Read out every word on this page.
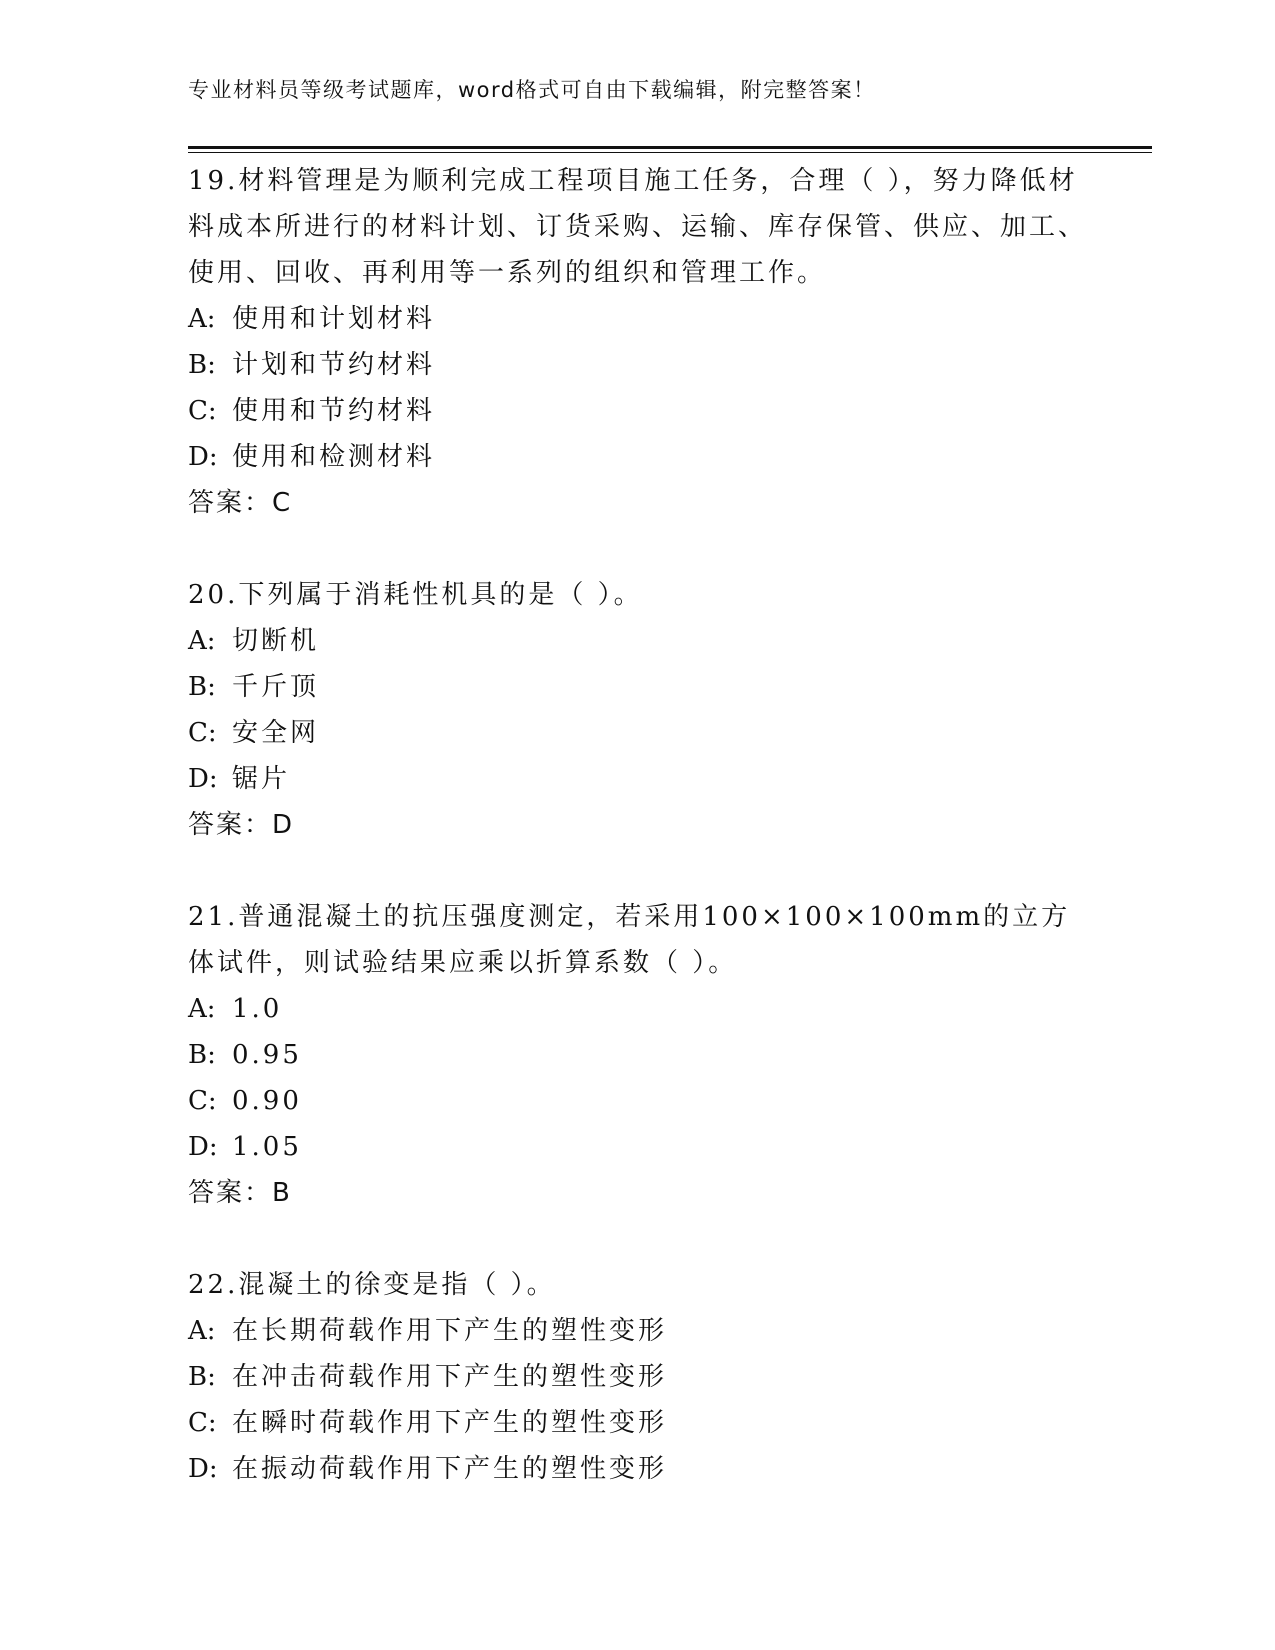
专业材料员等级考试题库，word格式可自由下载编辑，附完整答案！

19.材料管理是为顺利完成工程项目施工任务，合理（ ），努力降低材料成本所进行的材料计划、订货采购、运输、库存保管、供应、加工、使用、回收、再利用等一系列的组织和管理工作。

A: 使用和计划材料

B: 计划和节约材料

C: 使用和节约材料

D: 使用和检测材料

答案：C

20.下列属于消耗性机具的是（ ）。

A: 切断机

B: 千斤顶

C: 安全网

D: 锯片

答案：D

21.普通混凝土的抗压强度测定，若采用100×100×100mm的立方体试件，则试验结果应乘以折算系数（ ）。

A: 1.0

B: 0.95

C: 0.90

D: 1.05

答案：B

22.混凝土的徐变是指（ ）。

A: 在长期荷载作用下产生的塑性变形

B: 在冲击荷载作用下产生的塑性变形

C: 在瞬时荷载作用下产生的塑性变形

D: 在振动荷载作用下产生的塑性变形
